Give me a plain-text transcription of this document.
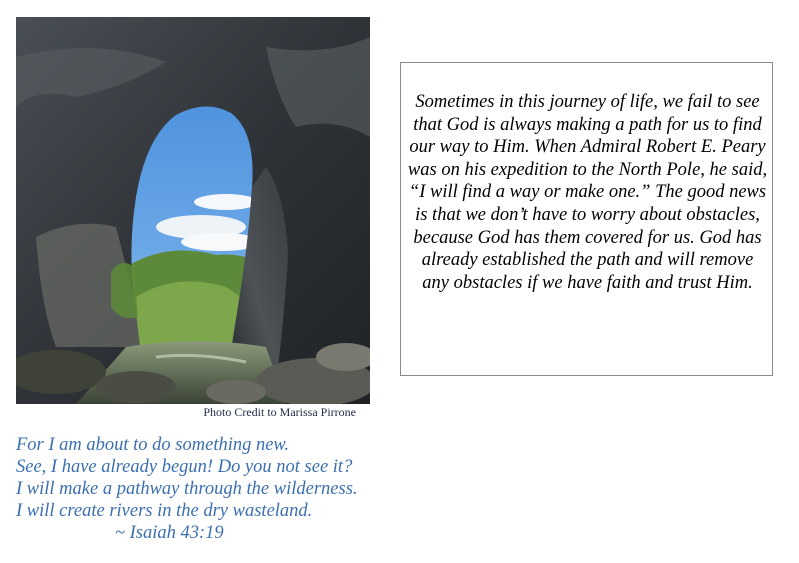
Photo Credit to Marissa Pirrone
Sometimes in this journey of life, we fail to see that God is always making a path for us to find our way to Him. When Admiral Robert E. Peary was on his expedition to the North Pole, he said, “I will find a way or make one.” The good news is that we don’t have to worry about obstacles, because God has them covered for us. God has already established the path and will remove any obstacles if we have faith and trust Him.
For I am about to do something new.
See, I have already begun! Do you not see it?
I will make a pathway through the wilderness.
I will create rivers in the dry wasteland.
~ Isaiah 43:19
